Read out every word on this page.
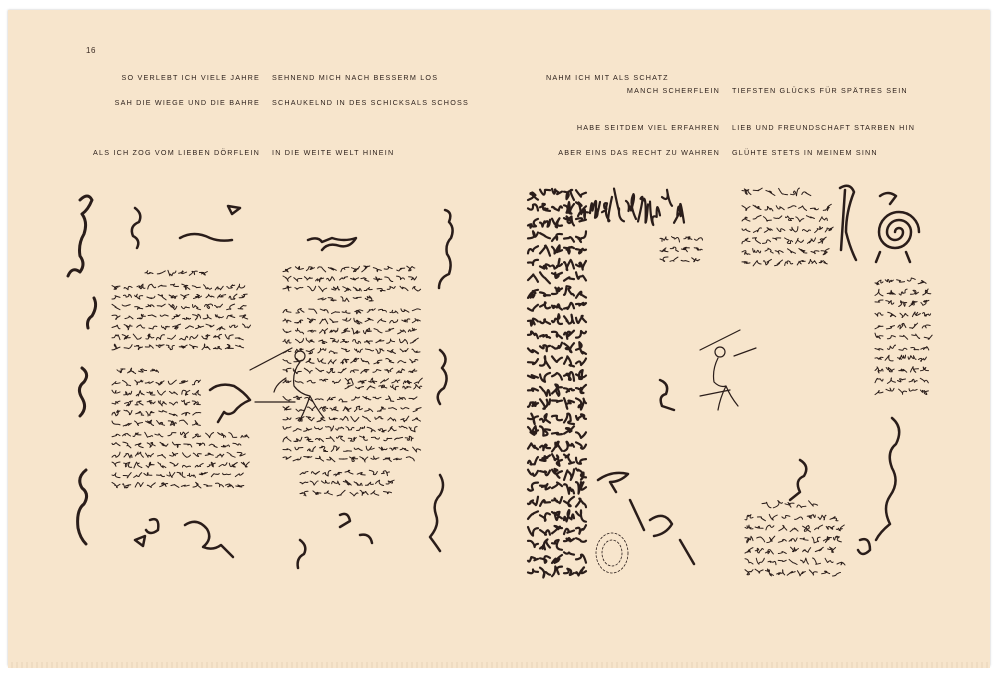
16
SO VERLEBT ICH VIELE JAHRE SEHNEND MICH NACH BESSERM LOS
SAH DIE WIEGE UND DIE BAHRE SCHAUKELND IN DES SCHICKSALS SCHOSS
ALS ICH ZOG VOM LIEBEN DÖRFLEIN IN DIE WEITE WELT HINEIN
NAHM ICH MIT ALS SCHATZ
MANCH SCHERFLEIN TIEFSTEN GLÜCKS FÜR SPÄTRES SEIN
HABE SEITDEM VIEL ERFAHREN LIEB UND FREUNDSCHAFT STARBEN HIN
ABER EINS DAS RECHT ZU WAHREN GLÜHTE STETS IN MEINEM SINN
